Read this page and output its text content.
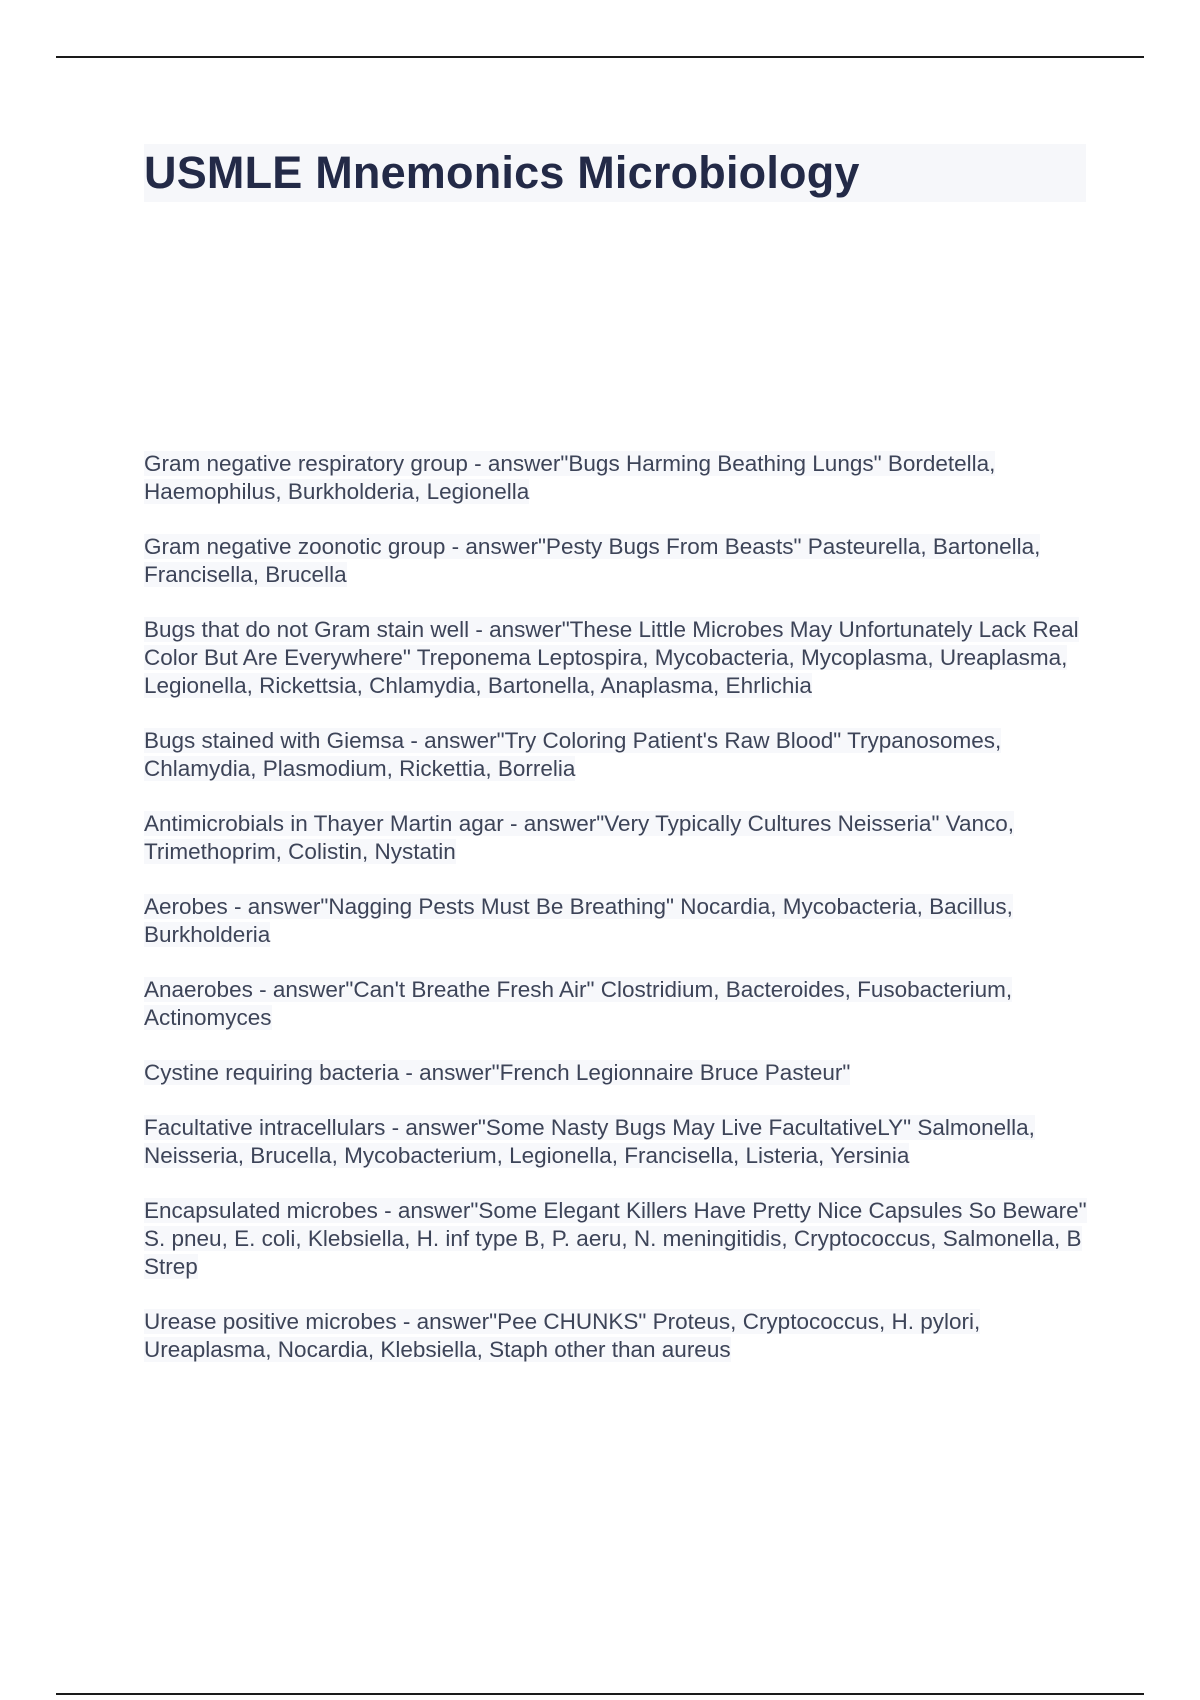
USMLE Mnemonics Microbiology

Gram negative respiratory group - answer"Bugs Harming Beathing Lungs" Bordetella, Haemophilus, Burkholderia, Legionella

Gram negative zoonotic group - answer"Pesty Bugs From Beasts" Pasteurella, Bartonella, Francisella, Brucella

Bugs that do not Gram stain well - answer"These Little Microbes May Unfortunately Lack Real Color But Are Everywhere" Treponema Leptospira, Mycobacteria, Mycoplasma, Ureaplasma, Legionella, Rickettsia, Chlamydia, Bartonella, Anaplasma, Ehrlichia

Bugs stained with Giemsa - answer"Try Coloring Patient's Raw Blood" Trypanosomes, Chlamydia, Plasmodium, Rickettia, Borrelia

Antimicrobials in Thayer Martin agar - answer"Very Typically Cultures Neisseria" Vanco, Trimethoprim, Colistin, Nystatin

Aerobes - answer"Nagging Pests Must Be Breathing" Nocardia, Mycobacteria, Bacillus, Burkholderia

Anaerobes - answer"Can't Breathe Fresh Air" Clostridium, Bacteroides, Fusobacterium, Actinomyces

Cystine requiring bacteria - answer"French Legionnaire Bruce Pasteur"

Facultative intracellulars - answer"Some Nasty Bugs May Live FacultativeLY" Salmonella, Neisseria, Brucella, Mycobacterium, Legionella, Francisella, Listeria, Yersinia

Encapsulated microbes - answer"Some Elegant Killers Have Pretty Nice Capsules So Beware" S. pneu, E. coli, Klebsiella, H. inf type B, P. aeru, N. meningitidis, Cryptococcus, Salmonella, B Strep

Urease positive microbes - answer"Pee CHUNKS" Proteus, Cryptococcus, H. pylori, Ureaplasma, Nocardia, Klebsiella, Staph other than aureus
